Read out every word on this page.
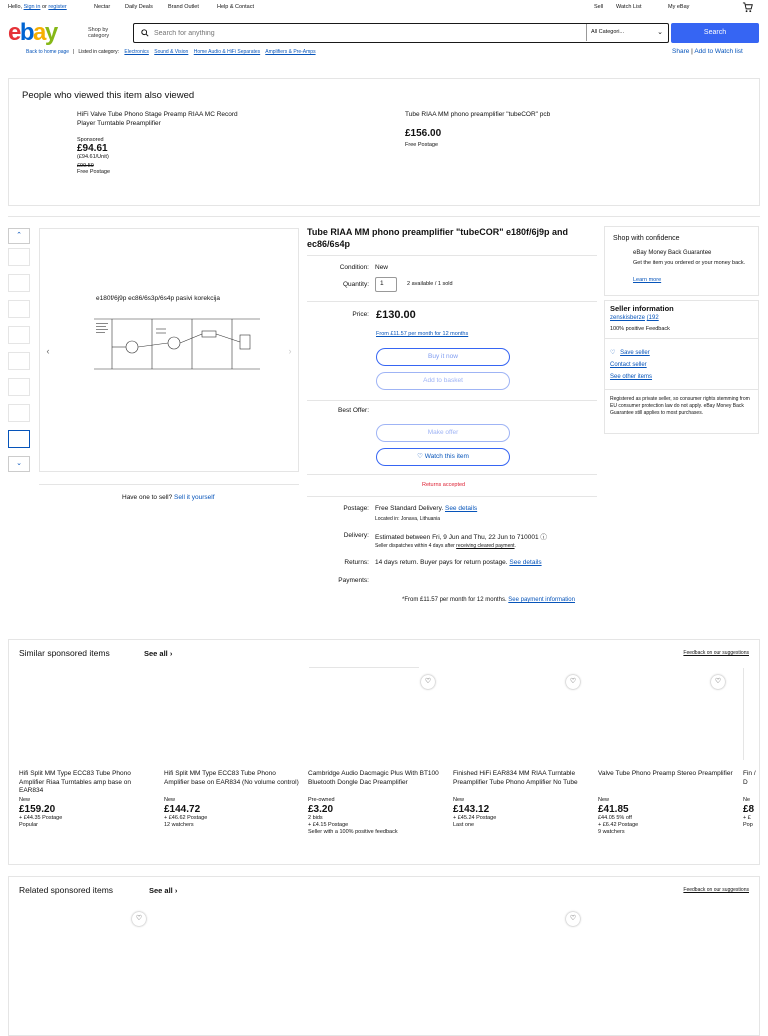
Hello, Sign in or register	Nectar	Daily Deals	Brand Outlet	Help & Contact	Sell Watch List	My eBay
ebay	Shop by
category
Search for anything
All Categori...	⌄	Search
Back to home page | Listed in category: Electronics Sound & Vision Home Audio & HiFi Separates Amplifiers & Pre-Amps	Share | Add to Watch list
People who viewed this item also viewed
HiFi Valve Tube Phono Stage Preamp RIAA MC Record Player Turntable Preamplifier
Sponsored
£94.61
(£94.61/Unit)
£99.59
Free Postage
Tube RIAA MM phono preamplifier "tubeCOR" pcb
£156.00
Free Postage
⌃
⌄
‹	›
e180f/6j9p ec86/6s3p/6s4p pasivi korekcija
Have one to sell? Sell it yourself
Tube RIAA MM phono preamplifier "tubeCOR" e180f/6j9p and ec86/6s4p
Condition: New
Quantity:	1	2 available / 1 sold
Price: £130.00
From £11.57 per month for 12 months
Buy it now
Add to basket
Best Offer:
Make offer
♡ Watch this item
Returns accepted
Postage: Free Standard Delivery. See details
Located in: Jonava, Lithuania
Delivery: Estimated between Fri, 9 Jun and Thu, 22 Jun to 710001 ⓘ
Seller dispatches within 4 days after receiving cleared payment.
Returns: 14 days return. Buyer pays for return postage. See details
Payments:
*From £11.57 per month for 12 months. See payment information
Shop with confidence
eBay Money Back Guarantee
Get the item you ordered or your money back.
Learn more
Seller information
zenskisberze (192
100% positive Feedback
♡ Save seller
Contact seller
See other items
Registered as private seller, so consumer rights stemming from EU consumer protection law do not apply. eBay Money Back Guarantee still applies to most purchases.
Similar sponsored items	See all ›	Feedback on our suggestions
♡	♡	♡
Hifi Split MM Type ECC83 Tube Phono Amplifier Riaa Turntables amp base on EAR834
New
£159.20
+ £44.35 Postage
Popular
Hifi Split MM Type ECC83 Tube Phono Amplifier base on EAR834 (No volume control)
New
£144.72
+ £46.62 Postage
12 watchers
Cambridge Audio Dacmagic Plus With BT100 Bluetooth Dongle Dac Preamplifier
Pre-owned
£3.20
2 bids
+ £4.15 Postage
Seller with a 100% positive feedback
Finished HiFi EAR834 MM RIAA Turntable Preamplifier Tube Phono Amplifier No Tube
New
£143.12
+ £45.24 Postage
Last one
Valve Tube Phono Preamp Stereo Preamplifier
New
£41.85
£44.05 5% off
+ £6.42 Postage
9 watchers
Fin / D
Ne
£8
+ £
Pop
Related sponsored items	See all ›	Feedback on our suggestions
♡	♡
